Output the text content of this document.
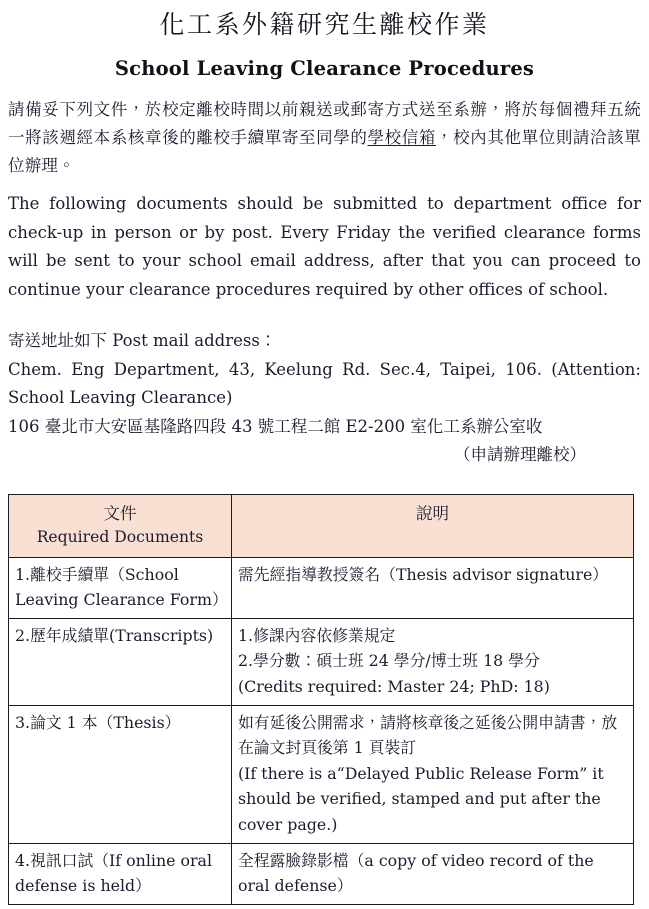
化工系外籍研究生離校作業
School Leaving Clearance Procedures

請備妥下列文件，於校定離校時間以前親送或郵寄方式送至系辦，將於每個禮拜五統一將該週經本系核章後的離校手續單寄至同學的學校信箱，校內其他單位則請洽該單位辦理。

The following documents should be submitted to department office for check-up in person or by post. Every Friday the verified clearance forms will be sent to your school email address, after that you can proceed to continue your clearance procedures required by other offices of school.

寄送地址如下 Post mail address：
Chem. Eng Department, 43, Keelung Rd. Sec.4, Taipei, 106. (Attention: School Leaving Clearance)
106 臺北市大安區基隆路四段 43 號工程二館 E2-200 室化工系辦公室收
（申請辦理離校）
文件
Required Documents	說明

1.離校手續單（School Leaving Clearance Form）	需先經指導教授簽名（Thesis advisor signature）

2.歷年成績單(Transcripts)	1.修課內容依修業規定
2.學分數：碩士班 24 學分/博士班 18 學分
(Credits required: Master 24; PhD: 18)

3.論文 1 本（Thesis）	如有延後公開需求，請將核章後之延後公開申請書，放在論文封頁後第 1 頁裝訂
(If there is a“Delayed Public Release Form” it should be verified, stamped and put after the cover page.)

4.視訊口試（If online oral defense is held）	全程露臉錄影檔（a copy of video record of the oral defense）
